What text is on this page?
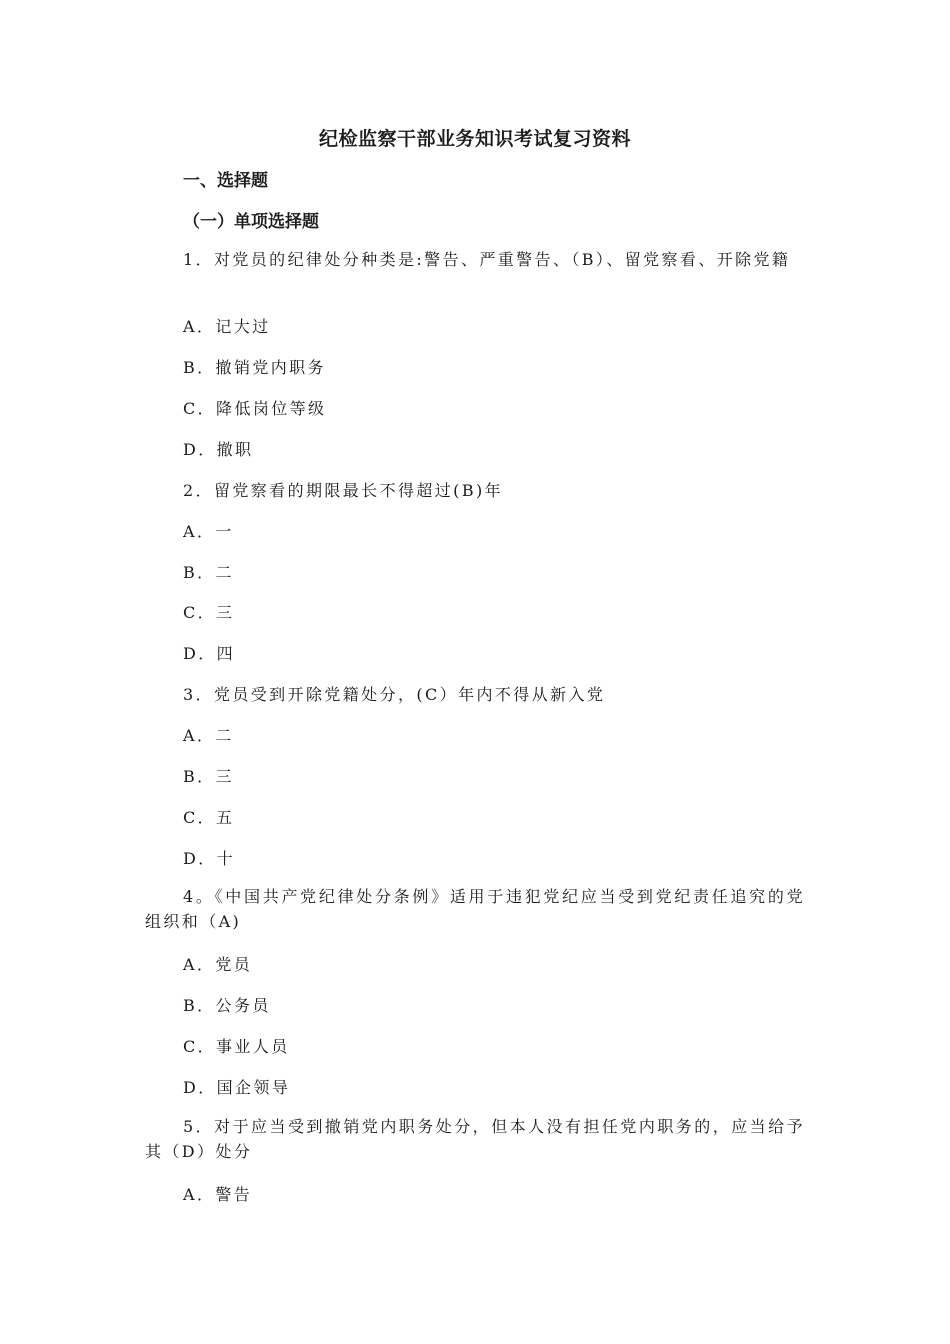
纪检监察干部业务知识考试复习资料

一、选择题

（一）单项选择题

1．对党员的纪律处分种类是:警告、严重警告、（B）、留党察看、开除党籍

A．记大过

B．撤销党内职务

C．降低岗位等级

D．撤职

2．留党察看的期限最长不得超过(B)年

A．一

B．二

C．三

D．四

3．党员受到开除党籍处分，(C）年内不得从新入党

A．二

B．三

C．五

D．十

4。《中国共产党纪律处分条例》适用于违犯党纪应当受到党纪责任追究的党组织和（A)

A．党员

B．公务员

C．事业人员

D．国企领导

5．对于应当受到撤销党内职务处分，但本人没有担任党内职务的，应当给予其（D）处分

A．警告
